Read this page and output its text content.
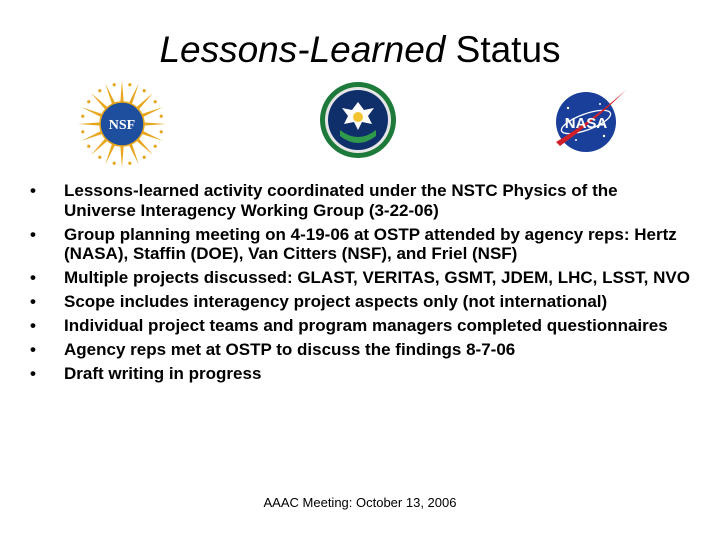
Lessons-Learned Status
NSF	NASA
• Lessons-learned activity coordinated under the NSTC Physics of the Universe Interagency Working Group (3-22-06)
• Group planning meeting on 4-19-06 at OSTP attended by agency reps: Hertz (NASA), Staffin (DOE), Van Citters (NSF), and Friel (NSF)
• Multiple projects discussed: GLAST, VERITAS, GSMT, JDEM, LHC, LSST, NVO
• Scope includes interagency project aspects only (not international)
• Individual project teams and program managers completed questionnaires
• Agency reps met at OSTP to discuss the findings 8-7-06
• Draft writing in progress
AAAC Meeting: October 13, 2006
